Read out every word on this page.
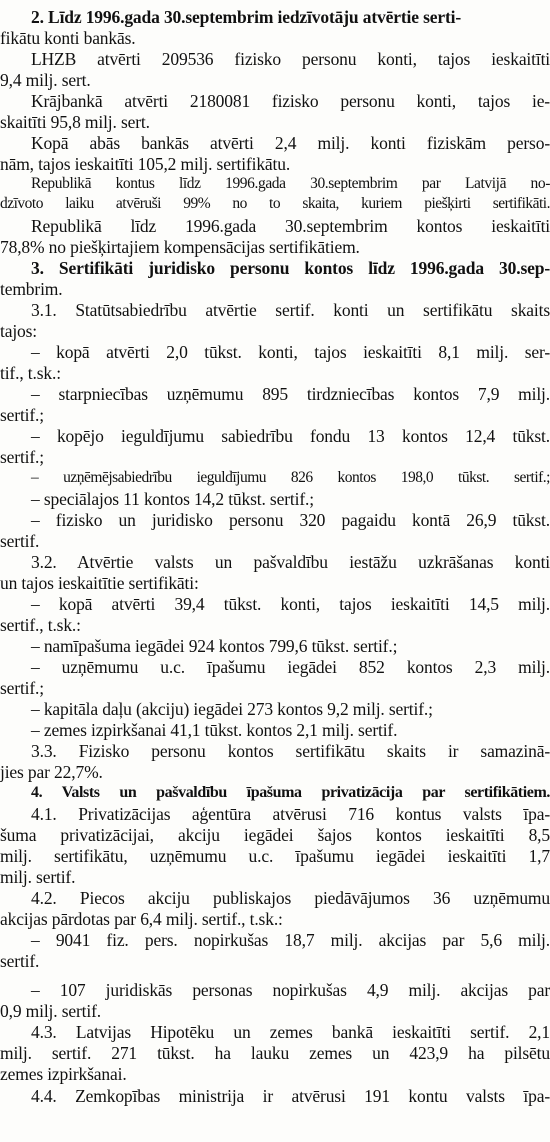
2. Līdz 1996.gada 30.septembrim iedzīvotāju atvērtie serti-
fikātu konti bankās.
LHZB atvērti 209536 fizisko personu konti, tajos ieskaitīti
9,4 milj. sert.
Krājbankā atvērti 2180081 fizisko personu konti, tajos ie-
skaitīti 95,8 milj. sert.
Kopā abās bankās atvērti 2,4 milj. konti fiziskām perso-
nām, tajos ieskaitīti 105,2 milj. sertifikātu.
Republikā kontus līdz 1996.gada 30.septembrim par Latvijā no-
dzīvoto laiku atvēruši 99% no to skaita, kuriem piešķirti sertifikāti.
Republikā līdz 1996.gada 30.septembrim kontos ieskaitīti
78,8% no piešķirtajiem kompensācijas sertifikātiem.
3. Sertifikāti juridisko personu kontos līdz 1996.gada 30.sep-
tembrim.
3.1. Statūtsabiedrību atvērtie sertif. konti un sertifikātu skaits
tajos:
– kopā atvērti 2,0 tūkst. konti, tajos ieskaitīti 8,1 milj. ser-
tif., t.sk.:
– starpniecības uzņēmumu 895 tirdzniecības kontos 7,9 milj.
sertif.;
– kopējo ieguldījumu sabiedrību fondu 13 kontos 12,4 tūkst.
sertif.;
– uzņēmējsabiedrību ieguldījumu 826 kontos 198,0 tūkst. sertif.;
– speciālajos 11 kontos 14,2 tūkst. sertif.;
– fizisko un juridisko personu 320 pagaidu kontā 26,9 tūkst.
sertif.
3.2. Atvērtie valsts un pašvaldību iestāžu uzkrāšanas konti
un tajos ieskaitītie sertifikāti:
– kopā atvērti 39,4 tūkst. konti, tajos ieskaitīti 14,5 milj.
sertif., t.sk.:
– namīpašuma iegādei 924 kontos 799,6 tūkst. sertif.;
– uzņēmumu u.c. īpašumu iegādei 852 kontos 2,3 milj.
sertif.;
– kapitāla daļu (akciju) iegādei 273 kontos 9,2 milj. sertif.;
– zemes izpirkšanai 41,1 tūkst. kontos 2,1 milj. sertif.
3.3. Fizisko personu kontos sertifikātu skaits ir samazinā-
jies par 22,7%.
4. Valsts un pašvaldību īpašuma privatizācija par sertifikātiem.
4.1. Privatizācijas aģentūra atvērusi 716 kontus valsts īpa-
šuma privatizācijai, akciju iegādei šajos kontos ieskaitīti 8,5
milj. sertifikātu, uzņēmumu u.c. īpašumu iegādei ieskaitīti 1,7
milj. sertif.
4.2. Piecos akciju publiskajos piedāvājumos 36 uzņēmumu
akcijas pārdotas par 6,4 milj. sertif., t.sk.:
– 9041 fiz. pers. nopirkušas 18,7 milj. akcijas par 5,6 milj.
sertif.
– 107 juridiskās personas nopirkušas 4,9 milj. akcijas par
0,9 milj. sertif.
4.3. Latvijas Hipotēku un zemes bankā ieskaitīti sertif. 2,1
milj. sertif. 271 tūkst. ha lauku zemes un 423,9 ha pilsētu
zemes izpirkšanai.
4.4. Zemkopības ministrija ir atvērusi 191 kontu valsts īpa-
